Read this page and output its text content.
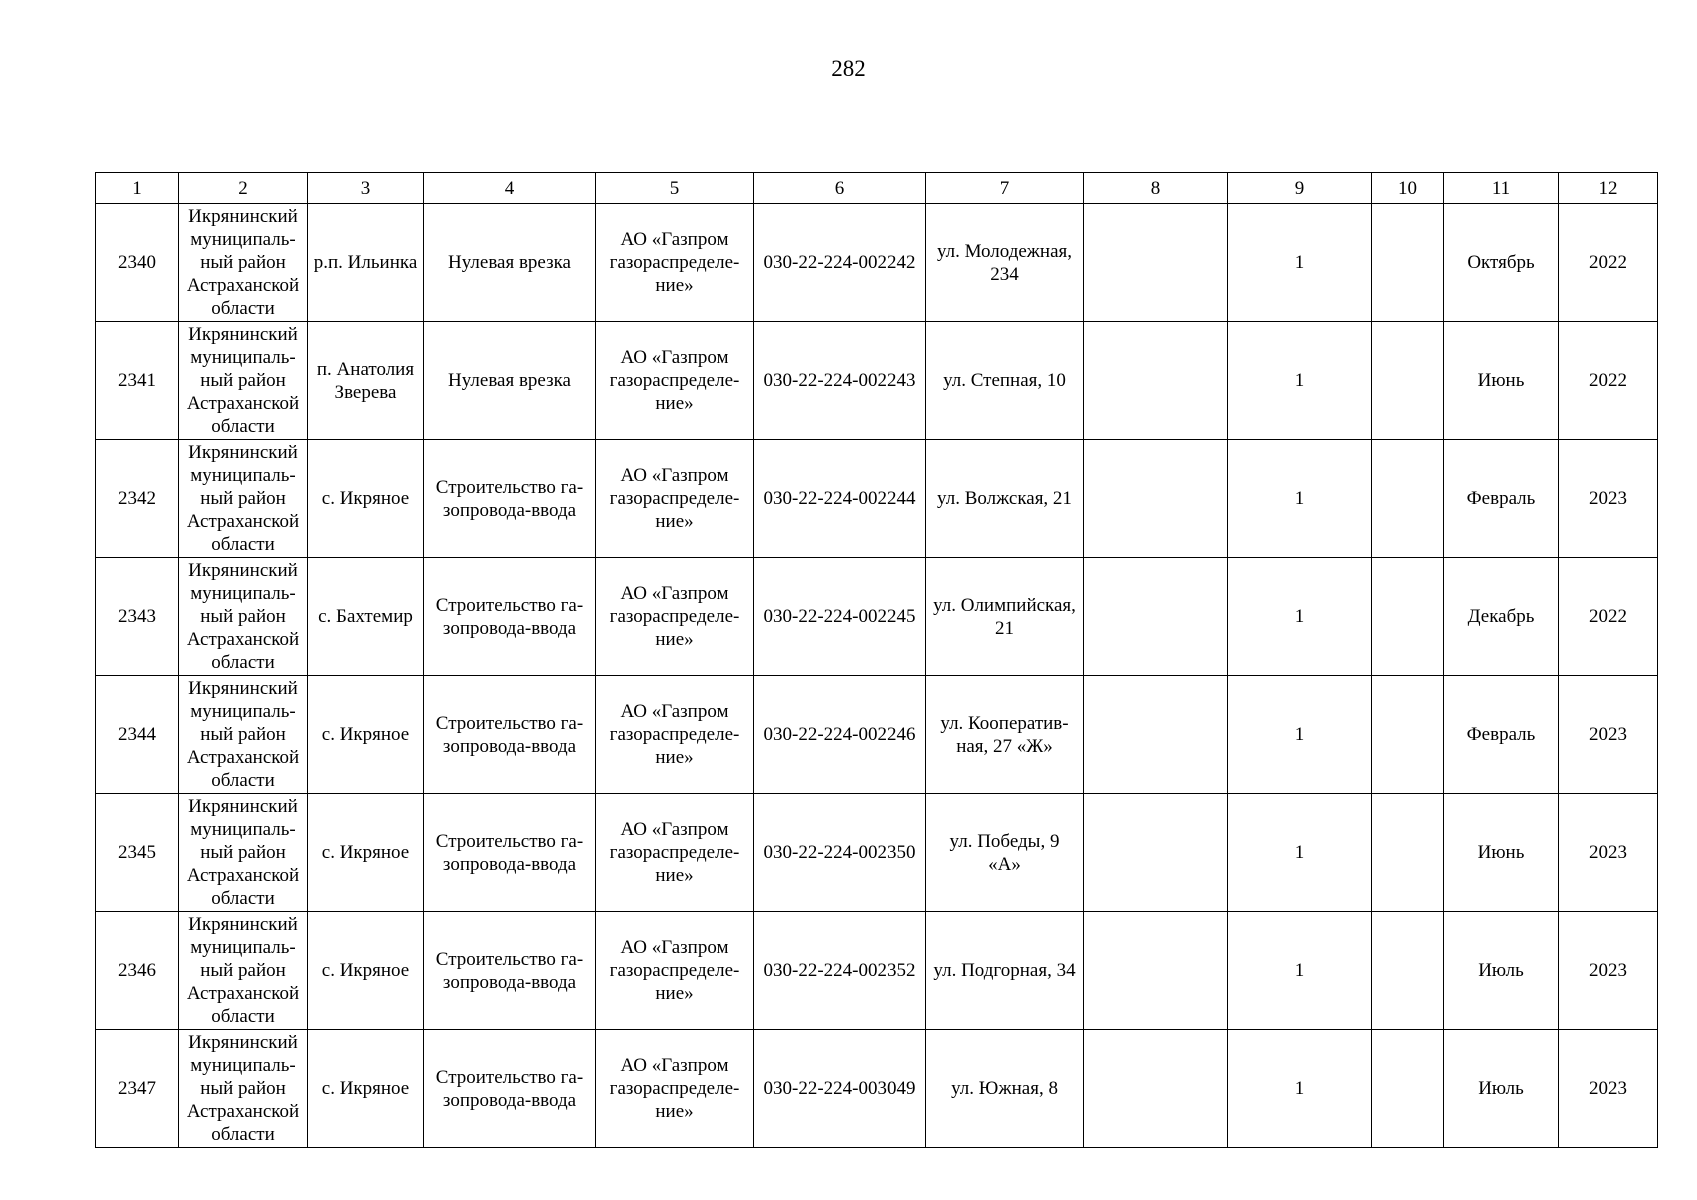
282
1	2	3	4	5	6	7	8	9	10	11	12
2340	Икрянинский
муниципаль-
ный район
Астраханской
области	р.п. Ильинка	Нулевая врезка	АО «Газпром
газораспределе-
ние»	030-22-224-002242	ул. Молодежная,
234		1		Октябрь	2022
2341	Икрянинский
муниципаль-
ный район
Астраханской
области	п. Анатолия
Зверева	Нулевая врезка	АО «Газпром
газораспределе-
ние»	030-22-224-002243	ул. Степная, 10		1		Июнь	2022
2342	Икрянинский
муниципаль-
ный район
Астраханской
области	с. Икряное	Строительство га-
зопровода-ввода	АО «Газпром
газораспределе-
ние»	030-22-224-002244	ул. Волжская, 21		1		Февраль	2023
2343	Икрянинский
муниципаль-
ный район
Астраханской
области	с. Бахтемир	Строительство га-
зопровода-ввода	АО «Газпром
газораспределе-
ние»	030-22-224-002245	ул. Олимпийская,
21		1		Декабрь	2022
2344	Икрянинский
муниципаль-
ный район
Астраханской
области	с. Икряное	Строительство га-
зопровода-ввода	АО «Газпром
газораспределе-
ние»	030-22-224-002246	ул. Кооператив-
ная, 27 «Ж»		1		Февраль	2023
2345	Икрянинский
муниципаль-
ный район
Астраханской
области	с. Икряное	Строительство га-
зопровода-ввода	АО «Газпром
газораспределе-
ние»	030-22-224-002350	ул. Победы, 9
«А»		1		Июнь	2023
2346	Икрянинский
муниципаль-
ный район
Астраханской
области	с. Икряное	Строительство га-
зопровода-ввода	АО «Газпром
газораспределе-
ние»	030-22-224-002352	ул. Подгорная, 34		1		Июль	2023
2347	Икрянинский
муниципаль-
ный район
Астраханской
области	с. Икряное	Строительство га-
зопровода-ввода	АО «Газпром
газораспределе-
ние»	030-22-224-003049	ул. Южная, 8		1		Июль	2023
